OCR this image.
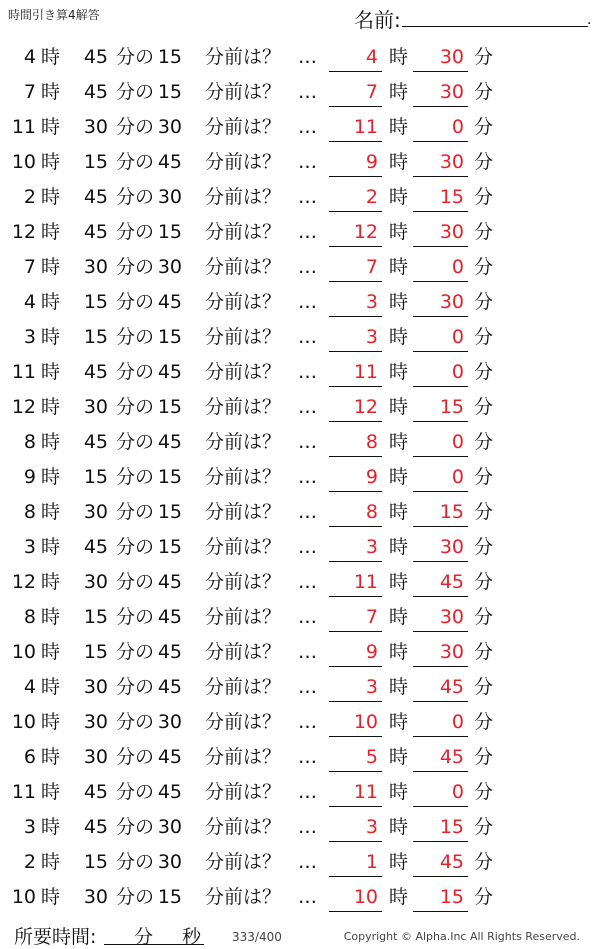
時間引き算4解答	名前:	.
4 時 45 分の 15 分前は？ …	4 時 30 分
7 時 45 分の 15 分前は？ …	7 時 30 分
11 時 30 分の 30 分前は？ … 11 時 0 分
10 時 15 分の 45 分前は？ …	9 時 30 分
2 時 45 分の 30 分前は？ …	2 時 15 分
12 時 45 分の 15 分前は？ … 12 時 30 分
7 時 30 分の 30 分前は？ …	7 時 0 分
4 時 15 分の 45 分前は？ …	3 時 30 分
3 時 15 分の 15 分前は？ …	3 時 0 分
11 時 45 分の 45 分前は？ … 11 時 0 分
12 時 30 分の 15 分前は？ … 12 時 15 分
8 時 45 分の 45 分前は？ …	8 時 0 分
9 時 15 分の 15 分前は？ …	9 時 0 分
8 時 30 分の 15 分前は？ …	8 時 15 分
3 時 45 分の 15 分前は？ …	3 時 30 分
12 時 30 分の 45 分前は？ … 11 時 45 分
8 時 15 分の 45 分前は？ …	7 時 30 分
10 時 15 分の 45 分前は？ …	9 時 30 分
4 時 30 分の 45 分前は？ …	3 時 45 分
10 時 30 分の 30 分前は？ … 10 時 0 分
6 時 30 分の 45 分前は？ …	5 時 45 分
11 時 45 分の 45 分前は？ … 11 時 0 分
3 時 45 分の 30 分前は？ …	3 時 15 分
2 時 15 分の 30 分前は？ …	1 時 45 分
10 時 30 分の 15 分前は？ … 10 時 15 分
所要時間: 分 秒	333/400	Copyright © Alpha.Inc All Rights Reserved.
